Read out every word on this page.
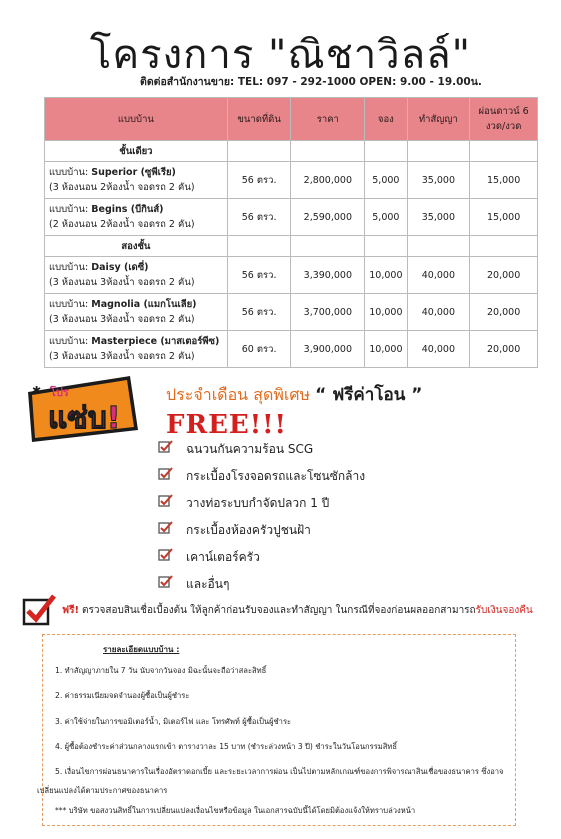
โครงการ "ณิชาวิลล์"
ติดต่อสำนักงานขาย: TEL: 097 - 292-1000 OPEN: 9.00 - 19.00น.
แบบบ้าน	ขนาดที่ดิน	ราคา	จอง	ทำสัญญา	ผ่อนดาวน์ 6 งวด/งวด
ชั้นเดียว					
แบบบ้าน: Superior (ซูพีเรีย)
(3 ห้องนอน 2ห้องน้ำ จอดรถ 2 คัน)	56 ตรว.	2,800,000	5,000	35,000	15,000
แบบบ้าน: Begins (บีกินส์)
(2 ห้องนอน 2ห้องน้ำ จอดรถ 2 คัน)	56 ตรว.	2,590,000	5,000	35,000	15,000
สองชั้น					
แบบบ้าน: Daisy (เดซี่)
(3 ห้องนอน 3ห้องน้ำ จอดรถ 2 คัน)	56 ตรว.	3,390,000	10,000	40,000	20,000
แบบบ้าน: Magnolia (แมกโนเลีย)
(3 ห้องนอน 3ห้องน้ำ จอดรถ 2 คัน)	56 ตรว.	3,700,000	10,000	40,000	20,000
แบบบ้าน: Masterpiece (มาสเตอร์พีซ)
(3 ห้องนอน 3ห้องน้ำ จอดรถ 2 คัน)	60 ตรว.	3,900,000	10,000	40,000	20,000
✱ โปร
แซ่บ!
ประจำเดือน สุดพิเศษ “ ฟรีค่าโอน ”
FREE!!!
ฉนวนกันความร้อน SCG
กระเบื้องโรงจอดรถและโซนซักล้าง
วางท่อระบบกำจัดปลวก 1 ปี
กระเบื้องห้องครัวปูชนฝ้า
เคาน์เตอร์ครัว
และอื่นๆ
ฟรี! ตรวจสอบสินเชื่อเบื้องต้น ให้ลูกค้าก่อนรับจองและทำสัญญา ในกรณีที่จองก่อนผลออกสามารถรับเงินจองคืน
รายละเอียดแบบบ้าน :
1. ทำสัญญาภายใน 7 วัน นับจากวันจอง มิฉะนั้นจะถือว่าสละสิทธิ์
2. ค่าธรรมเนียมจดจำนองผู้ซื้อเป็นผู้ชำระ
3. ค่าใช้จ่ายในการขอมิเตอร์น้ำ, มิเตอร์ไฟ และ โทรศัพท์ ผู้ซื้อเป็นผู้ชำระ
4. ผู้ซื้อต้องชำระค่าส่วนกลางแรกเข้า ตารางวาละ 15 บาท (ชำระล่วงหน้า 3 ปี) ชำระในวันโอนกรรมสิทธิ์
5. เงื่อนไขการผ่อนธนาคารในเรื่องอัตราดอกเบี้ย และระยะเวลาการผ่อน เป็นไปตามหลักเกณฑ์ของการพิจารณาสินเชื่อของธนาคาร ซึ่งอาจ
เปลี่ยนแปลงได้ตามประกาศของธนาคาร
*** บริษัท ขอสงวนสิทธิ์ในการเปลี่ยนแปลงเงื่อนไขหรือข้อมูล ในเอกสารฉบับนี้ได้โดยมิต้องแจ้งให้ทราบล่วงหน้า
